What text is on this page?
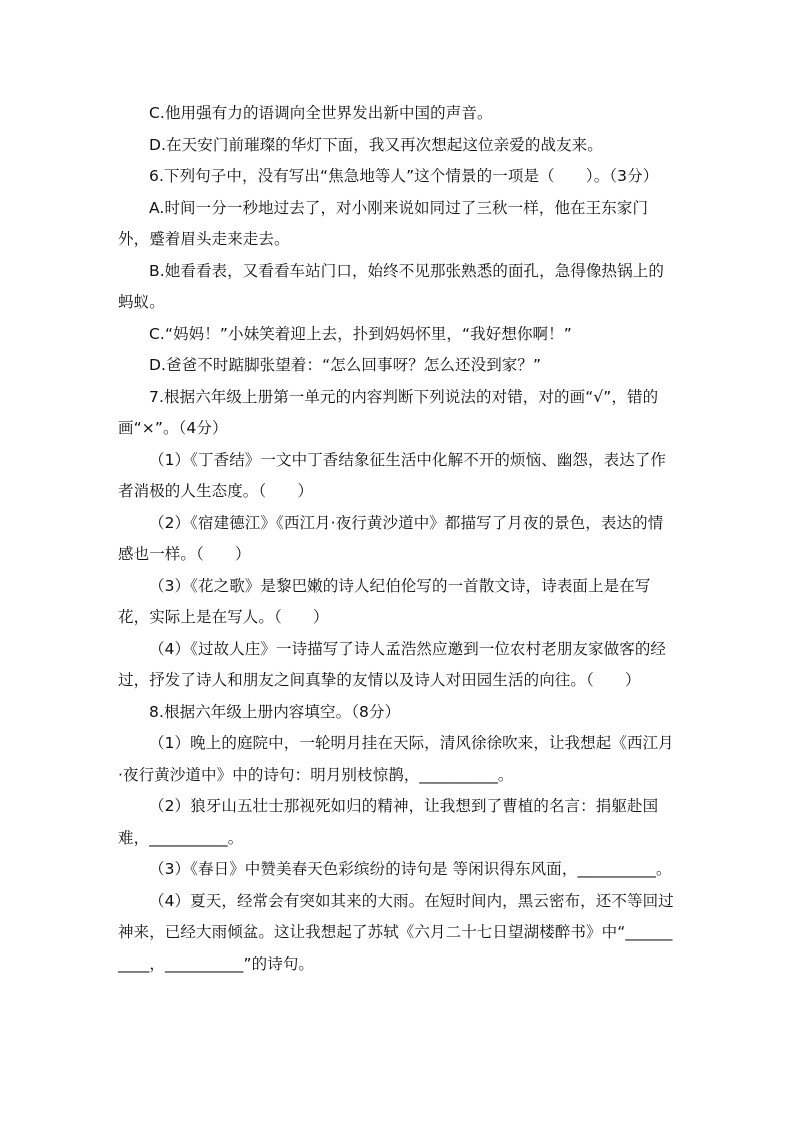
C.他用强有力的语调向全世界发出新中国的声音。

D.在天安门前璀璨的华灯下面，我又再次想起这位亲爱的战友来。

6.下列句子中，没有写出“焦急地等人”这个情景的一项是（　　）。（3分）

A.时间一分一秒地过去了，对小刚来说如同过了三秋一样，他在王东家门外，蹙着眉头走来走去。

B.她看看表，又看看车站门口，始终不见那张熟悉的面孔，急得像热锅上的蚂蚁。

C.“妈妈！”小妹笑着迎上去，扑到妈妈怀里，“我好想你啊！”

D.爸爸不时踮脚张望着：“怎么回事呀？怎么还没到家？”

7.根据六年级上册第一单元的内容判断下列说法的对错，对的画“√”，错的画“×”。（4分）

（1）《丁香结》一文中丁香结象征生活中化解不开的烦恼、幽怨，表达了作者消极的人生态度。（　　）

（2）《宿建德江》《西江月·夜行黄沙道中》都描写了月夜的景色，表达的情感也一样。（　　）

（3）《花之歌》是黎巴嫩的诗人纪伯伦写的一首散文诗，诗表面上是在写花，实际上是在写人。（　　）

（4）《过故人庄》一诗描写了诗人孟浩然应邀到一位农村老朋友家做客的经过，抒发了诗人和朋友之间真挚的友情以及诗人对田园生活的向往。（　　）

8.根据六年级上册内容填空。（8分）

（1）晚上的庭院中，一轮明月挂在天际，清风徐徐吹来，让我想起《西江月·夜行黄沙道中》中的诗句：明月别枝惊鹊，__________。

（2）狼牙山五壮士那视死如归的精神，让我想到了曹植的名言：捐躯赴国难，__________。

（3）《春日》中赞美春天色彩缤纷的诗句是 等闲识得东风面，__________。

（4）夏天，经常会有突如其来的大雨。在短时间内，黑云密布，还不等回过神来，已经大雨倾盆。这让我想起了苏轼《六月二十七日望湖楼醉书》中“__________，__________”的诗句。
